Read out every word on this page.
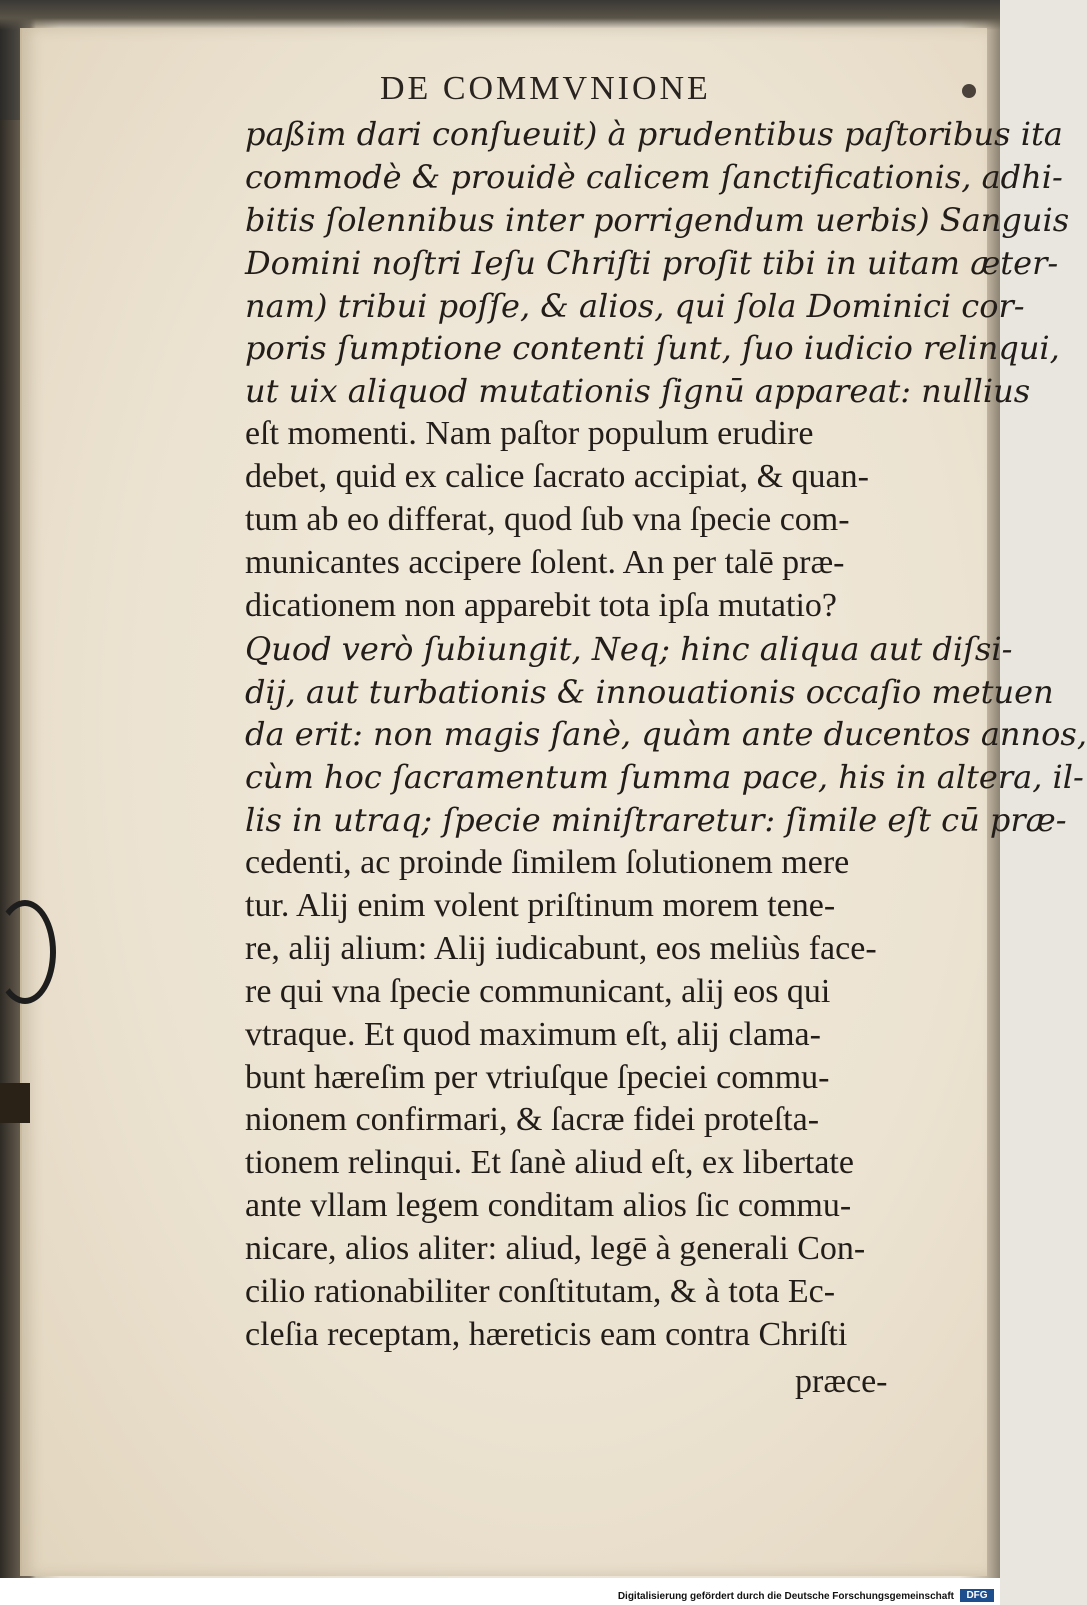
DE COMMVNIONE
paßim dari conſueuit) à prudentibus paſtoribus ita
commodè & prouidè calicem ſanctificationis, adhi-
bitis ſolennibus inter porrigendum uerbis) Sanguis
Domini noſtri Ieſu Chriſti proſit tibi in uitam æter-
nam) tribui poſſe, & alios, qui ſola Dominici cor-
poris ſumptione contenti ſunt, ſuo iudicio relinqui,
ut uix aliquod mutationis ſignū appareat: nullius
eſt momenti. Nam paſtor populum erudire
debet, quid ex calice ſacrato accipiat, & quan-
tum ab eo differat, quod ſub vna ſpecie com-
municantes accipere ſolent. An per talē præ-
dicationem non apparebit tota ipſa mutatio?
Quod verò ſubiungit, Neq; hinc aliqua aut diſsi-
dij, aut turbationis & innouationis occaſio metuen
da erit: non magis ſanè, quàm ante ducentos annos,
cùm hoc ſacramentum ſumma pace, his in altera, il-
lis in utraq; ſpecie miniſtraretur: ſimile eſt cū præ-
cedenti, ac proinde ſimilem ſolutionem mere
tur. Alij enim volent priſtinum morem tene-
re, alij alium: Alij iudicabunt, eos meliùs face-
re qui vna ſpecie communicant, alij eos qui
vtraque. Et quod maximum eſt, alij clama-
bunt hæreſim per vtriuſque ſpeciei commu-
nionem confirmari, & ſacræ fidei proteſta-
tionem relinqui. Et ſanè aliud eſt, ex libertate
ante vllam legem conditam alios ſic commu-
nicare, alios aliter: aliud, legē à generali Con-
cilio rationabiliter conſtitutam, & à tota Ec-
cleſia receptam, hæreticis eam contra Chriſti
præce-
Digitalisierung gefördert durch die Deutsche Forschungsgemeinschaft	DFG
